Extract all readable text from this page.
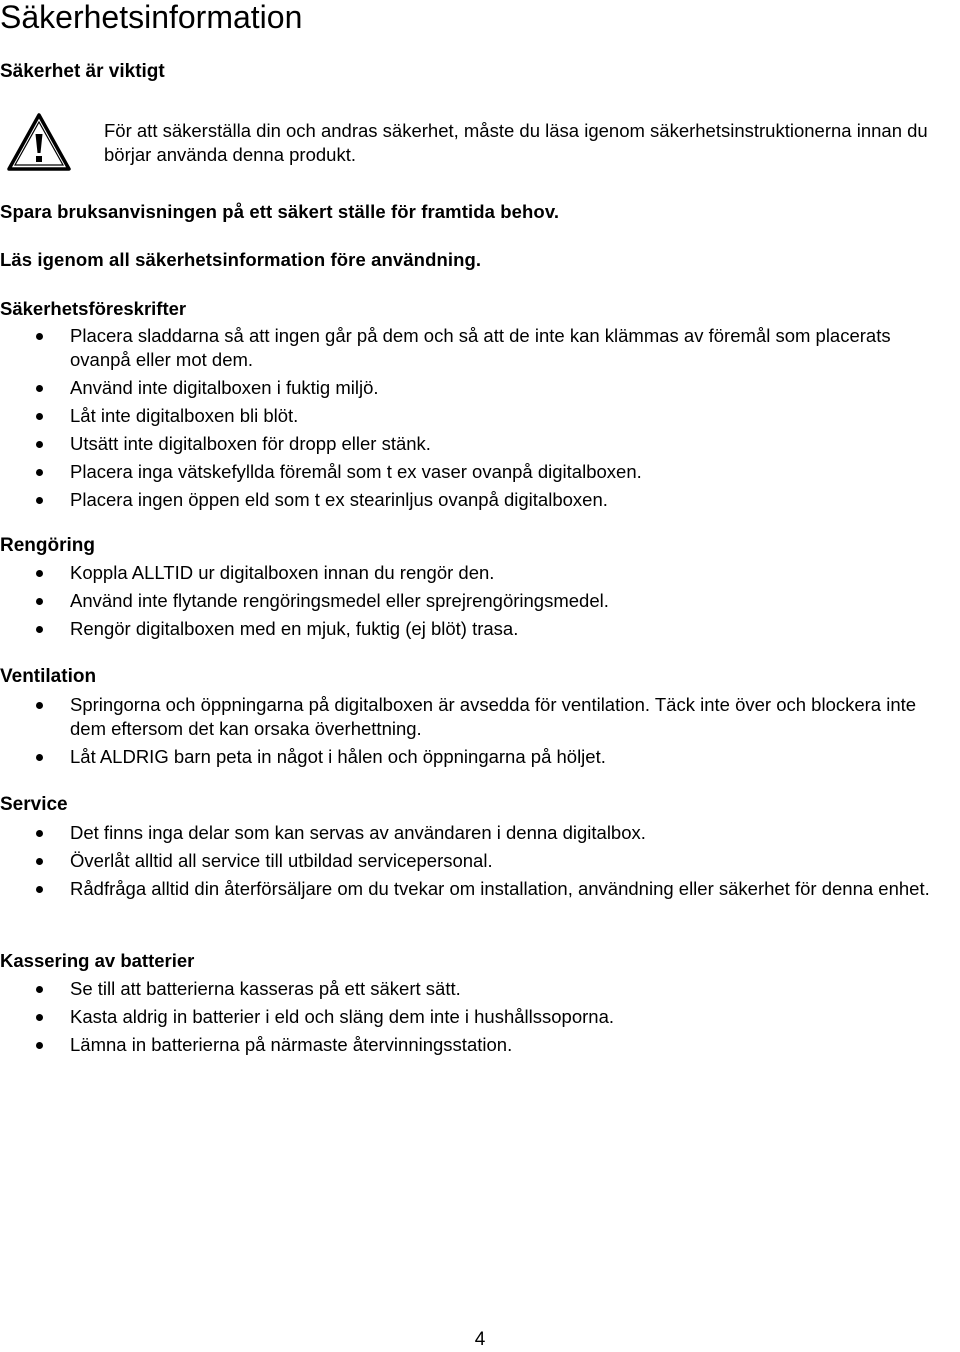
Säkerhetsinformation
Säkerhet är viktigt

För att säkerställa din och andras säkerhet, måste du läsa igenom säkerhetsinstruktionerna innan du börjar använda denna produkt.

Spara bruksanvisningen på ett säkert ställe för framtida behov.

Läs igenom all säkerhetsinformation före användning.

Säkerhetsföreskrifter
Placera sladdarna så att ingen går på dem och så att de inte kan klämmas av föremål som placerats ovanpå eller mot dem.
Använd inte digitalboxen i fuktig miljö.
Låt inte digitalboxen bli blöt.
Utsätt inte digitalboxen för dropp eller stänk.
Placera inga vätskefyllda föremål som t ex vaser ovanpå digitalboxen.
Placera ingen öppen eld som t ex stearinljus ovanpå digitalboxen.
Rengöring
Koppla ALLTID ur digitalboxen innan du rengör den.
Använd inte flytande rengöringsmedel eller sprejrengöringsmedel.
Rengör digitalboxen med en mjuk, fuktig (ej blöt) trasa.
Ventilation
Springorna och öppningarna på digitalboxen är avsedda för ventilation. Täck inte över och blockera inte dem eftersom det kan orsaka överhettning.
Låt ALDRIG barn peta in något i hålen och öppningarna på höljet.
Service
Det finns inga delar som kan servas av användaren i denna digitalbox.
Överlåt alltid all service till utbildad servicepersonal.
Rådfråga alltid din återförsäljare om du tvekar om installation, användning eller säkerhet för denna enhet.
Kassering av batterier
Se till att batterierna kasseras på ett säkert sätt.
Kasta aldrig in batterier i eld och släng dem inte i hushållssoporna.
Lämna in batterierna på närmaste återvinningsstation.

4
